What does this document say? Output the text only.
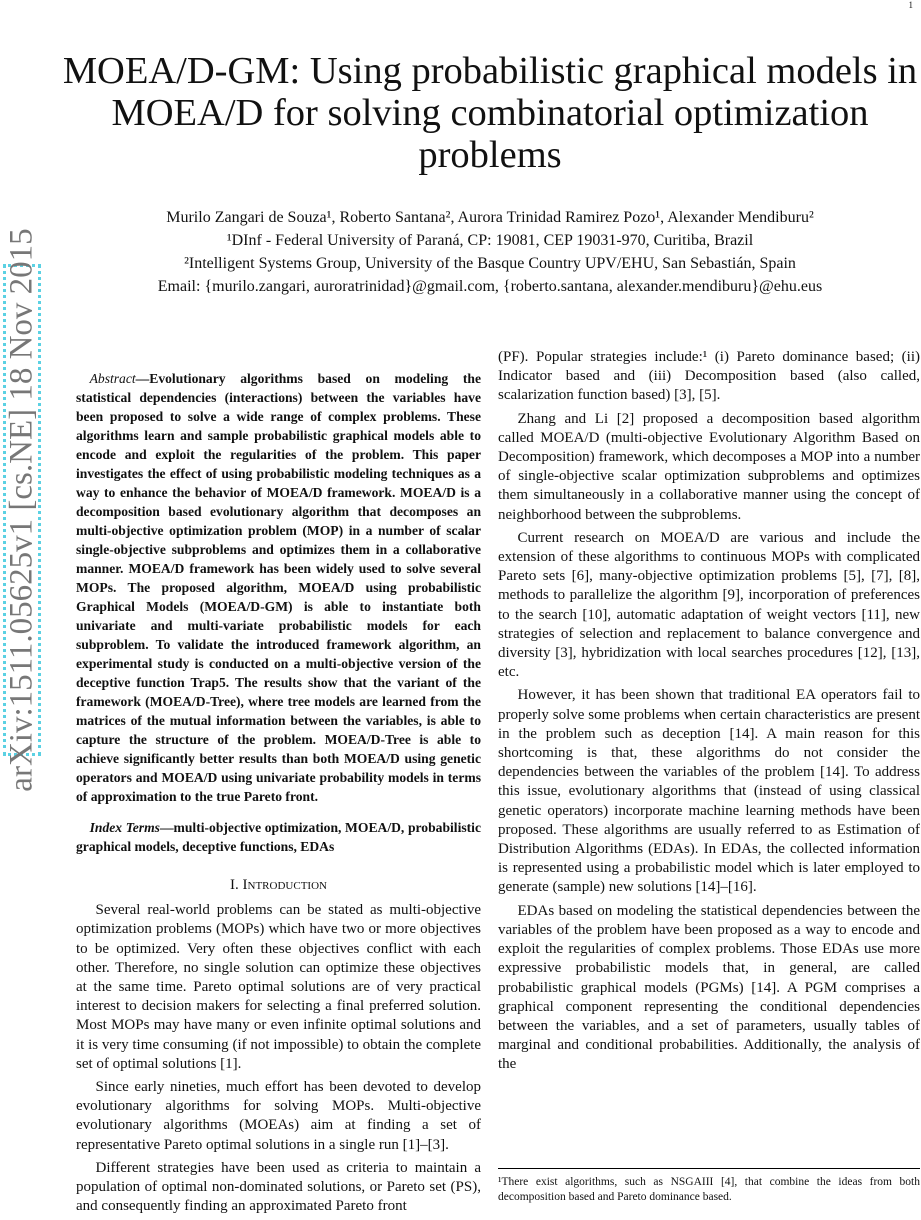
1
MOEA/D-GM: Using probabilistic graphical models in MOEA/D for solving combinatorial optimization problems
Murilo Zangari de Souza¹, Roberto Santana², Aurora Trinidad Ramirez Pozo¹, Alexander Mendiburu²
¹DInf - Federal University of Paraná, CP: 19081, CEP 19031-970, Curitiba, Brazil
²Intelligent Systems Group, University of the Basque Country UPV/EHU, San Sebastián, Spain
Email: {murilo.zangari, auroratrinidad}@gmail.com, {roberto.santana, alexander.mendiburu}@ehu.eus
arXiv:1511.05625v1 [cs.NE] 18 Nov 2015	Abstract—Evolutionary algorithms based on modeling the statistical dependencies (interactions) between the variables have been proposed to solve a wide range of complex problems. These algorithms learn and sample probabilistic graphical models able to encode and exploit the regularities of the problem. This paper investigates the effect of using probabilistic modeling techniques as a way to enhance the behavior of MOEA/D framework. MOEA/D is a decomposition based evolutionary algorithm that decomposes an multi-objective optimization problem (MOP) in a number of scalar single-objective subproblems and optimizes them in a collaborative manner. MOEA/D framework has been widely used to solve several MOPs. The proposed algorithm, MOEA/D using probabilistic Graphical Models (MOEA/D-GM) is able to instantiate both univariate and multi-variate probabilistic models for each subproblem. To validate the introduced framework algorithm, an experimental study is conducted on a multi-objective version of the deceptive function Trap5. The results show that the variant of the framework (MOEA/D-Tree), where tree models are learned from the matrices of the mutual information between the variables, is able to capture the structure of the problem. MOEA/D-Tree is able to achieve significantly better results than both MOEA/D using genetic operators and MOEA/D using univariate probability models in terms of approximation to the true Pareto front.

Index Terms—multi-objective optimization, MOEA/D, probabilistic graphical models, deceptive functions, EDAs

I. Introduction

Several real-world problems can be stated as multi-objective optimization problems (MOPs) which have two or more objectives to be optimized. Very often these objectives conflict with each other. Therefore, no single solution can optimize these objectives at the same time. Pareto optimal solutions are of very practical interest to decision makers for selecting a final preferred solution. Most MOPs may have many or even infinite optimal solutions and it is very time consuming (if not impossible) to obtain the complete set of optimal solutions [1].

Since early nineties, much effort has been devoted to develop evolutionary algorithms for solving MOPs. Multi-objective evolutionary algorithms (MOEAs) aim at finding a set of representative Pareto optimal solutions in a single run [1]–[3].

Different strategies have been used as criteria to maintain a population of optimal non-dominated solutions, or Pareto set (PS), and consequently finding an approximated Pareto front

(PF). Popular strategies include:¹ (i) Pareto dominance based; (ii) Indicator based and (iii) Decomposition based (also called, scalarization function based) [3], [5].

Zhang and Li [2] proposed a decomposition based algorithm called MOEA/D (multi-objective Evolutionary Algorithm Based on Decomposition) framework, which decomposes a MOP into a number of single-objective scalar optimization subproblems and optimizes them simultaneously in a collaborative manner using the concept of neighborhood between the subproblems.

Current research on MOEA/D are various and include the extension of these algorithms to continuous MOPs with complicated Pareto sets [6], many-objective optimization problems [5], [7], [8], methods to parallelize the algorithm [9], incorporation of preferences to the search [10], automatic adaptation of weight vectors [11], new strategies of selection and replacement to balance convergence and diversity [3], hybridization with local searches procedures [12], [13], etc.

However, it has been shown that traditional EA operators fail to properly solve some problems when certain characteristics are present in the problem such as deception [14]. A main reason for this shortcoming is that, these algorithms do not consider the dependencies between the variables of the problem [14]. To address this issue, evolutionary algorithms that (instead of using classical genetic operators) incorporate machine learning methods have been proposed. These algorithms are usually referred to as Estimation of Distribution Algorithms (EDAs). In EDAs, the collected information is represented using a probabilistic model which is later employed to generate (sample) new solutions [14]–[16].

EDAs based on modeling the statistical dependencies between the variables of the problem have been proposed as a way to encode and exploit the regularities of complex problems. Those EDAs use more expressive probabilistic models that, in general, are called probabilistic graphical models (PGMs) [14]. A PGM comprises a graphical component representing the conditional dependencies between the variables, and a set of parameters, usually tables of marginal and conditional probabilities. Additionally, the analysis of the

¹There exist algorithms, such as NSGAIII [4], that combine the ideas from both decomposition based and Pareto dominance based.
